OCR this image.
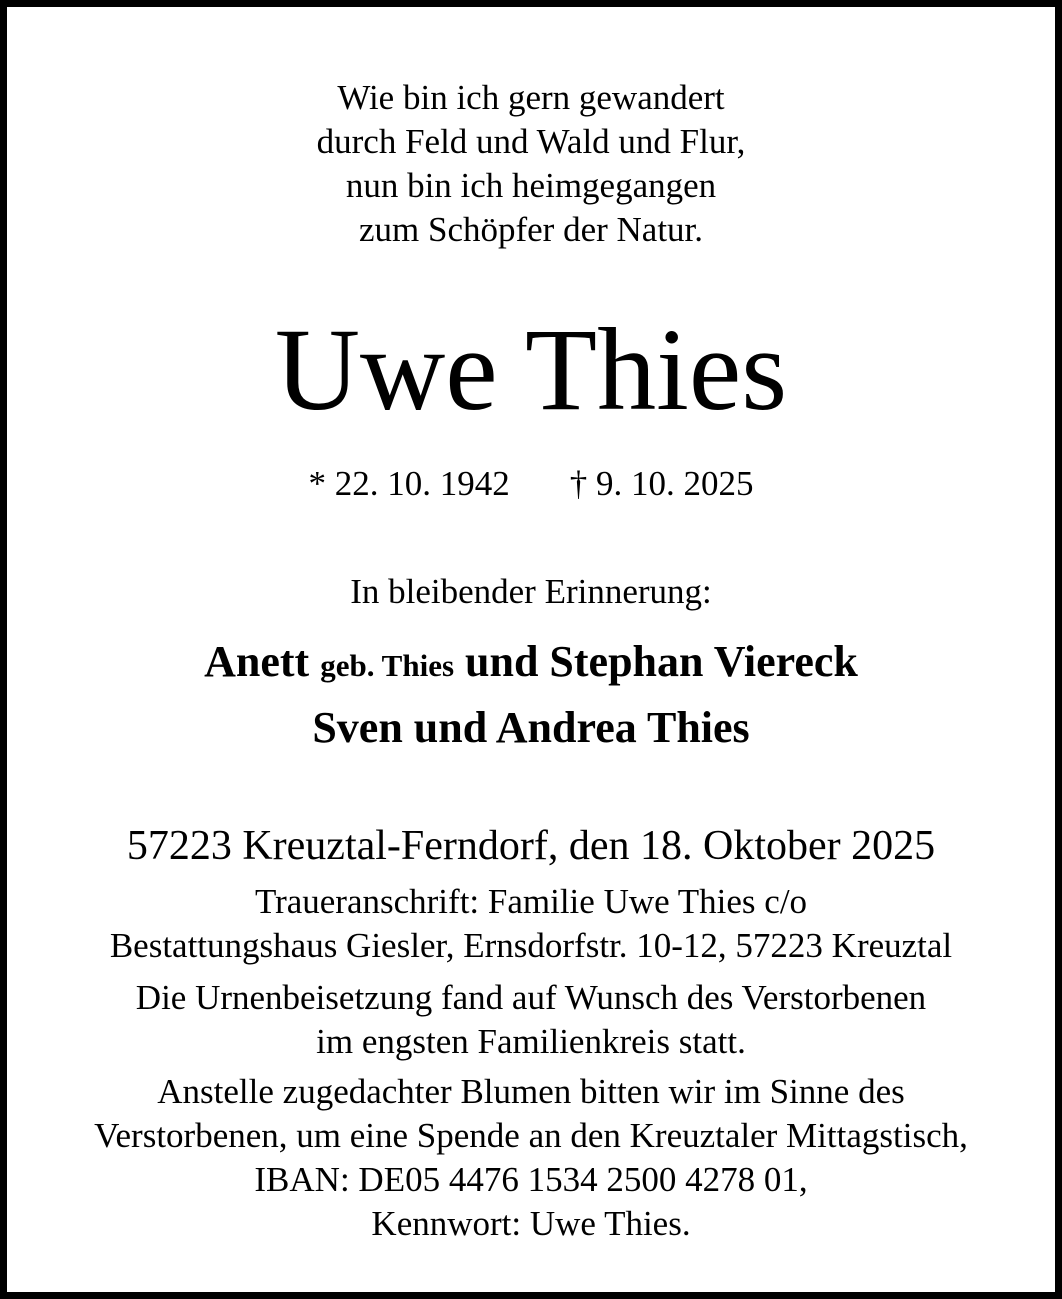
Wie bin ich gern gewandert
durch Feld und Wald und Flur,
nun bin ich heimgegangen
zum Schöpfer der Natur.
Uwe Thies
* 22. 10. 1942 † 9. 10. 2025
In bleibender Erinnerung:
Anett geb. Thies und Stephan Viereck
Sven und Andrea Thies
57223 Kreuztal-Ferndorf, den 18. Oktober 2025
Traueranschrift: Familie Uwe Thies c/o
Bestattungshaus Giesler, Ernsdorfstr. 10-12, 57223 Kreuztal
Die Urnenbeisetzung fand auf Wunsch des Verstorbenen
im engsten Familienkreis statt.
Anstelle zugedachter Blumen bitten wir im Sinne des
Verstorbenen, um eine Spende an den Kreuztaler Mittagstisch,
IBAN: DE05 4476 1534 2500 4278 01,
Kennwort: Uwe Thies.
